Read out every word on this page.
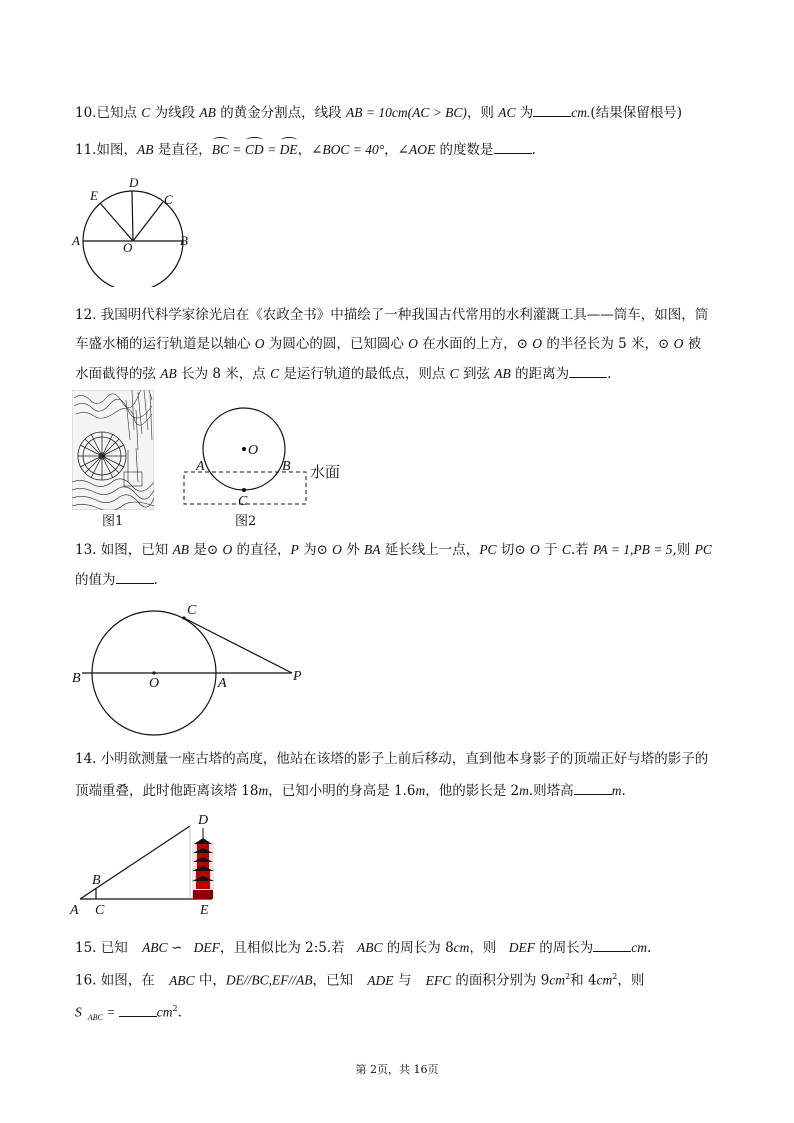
10.已知点 C 为线段 AB 的黄金分割点，线段 AB = 10cm(AC > BC)，则 AC 为	cm.(结果保留根号)
11.如图，AB 是直径，BC = CD = DE，∠BOC = 40°，∠AOE 的度数是	.
E
D
C
A	O	B
12. 我国明代科学家徐光启在《农政全书》中描绘了一种我国古代常用的水利灌溉工具——筒车，如图，筒
车盛水桶的运行轨道是以轴心 O 为圆心的圆，已知圆心 O 在水面的上方，⊙ O 的半径长为 5 米，⊙ O 被
水面截得的弦 AB 长为 8 米，点 C 是运行轨道的最低点，则点 C 到弦 AB 的距离为	.
图1	图2
O
A	B
C
水面
13. 如图，已知 AB 是⊙ O 的直径，P 为⊙ O 外 BA 延长线上一点，PC 切⊙ O 于 C.若 PA = 1,PB = 5,则 PC
的值为	.
C
B	O	A	P
14. 小明欲测量一座古塔的高度，他站在该塔的影子上前后移动，直到他本身影子的顶端正好与塔的影子的
顶端重叠，此时他距离该塔 18m，已知小明的身高是 1.6m，他的影长是 2m.则塔高	m.
D
B
A C	E
15. 已知 ABC ∽ DEF，且相似比为 2:5.若 ABC 的周长为 8cm，则 DEF 的周长为	cm.
16. 如图，在 ABC 中，DE//BC,EF//AB，已知 ADE 与 EFC 的面积分别为 $9cm^2$和 $4cm^2$，则
S $_{ABC}$ =	$cm^2$.
第 2页，共 16页
